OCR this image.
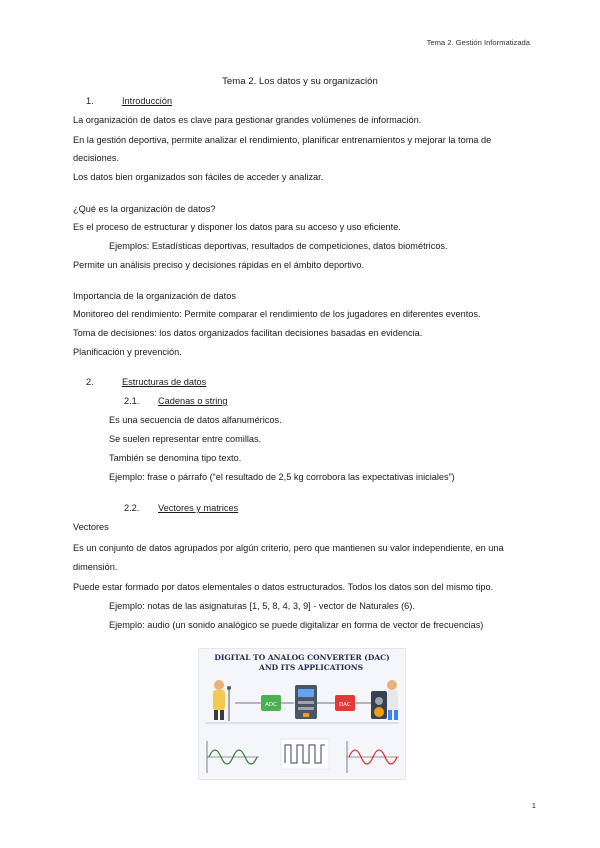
Tema 2. Gestión Informatizada
Tema 2. Los datos y su organización
1.	Introducción
La organización de datos es clave para gestionar grandes volúmenes de información.
En la gestión deportiva, permite analizar el rendimiento, planificar entrenamientos y mejorar la toma de
decisiones.
Los datos bien organizados son fáciles de acceder y analizar.
¿Qué es la organización de datos?
Es el proceso de estructurar y disponer los datos para su acceso y uso eficiente.
Ejemplos: Estadísticas deportivas, resultados de competiciones, datos biométricos.
Permite un análisis preciso y decisiones rápidas en el ámbito deportivo.
Importancia de la organización de datos
Monitoreo del rendimiento: Permite comparar el rendimiento de los jugadores en diferentes eventos.
Toma de decisiones: los datos organizados facilitan decisiones basadas en evidencia.
Planificación y prevención.
2.	Estructuras de datos
2.1. Cadenas o string
Es una secuencia de datos alfanuméricos.
Se suelen representar entre comillas.
También se denomina tipo texto.
Ejemplo: frase o párrafo (“el resultado de 2,5 kg corrobora las expectativas iniciales”)
2.2. Vectores y matrices
Vectores
Es un conjunto de datos agrupados por algún criterio, pero que mantienen su valor independiente, en una
dimensión.
Puede estar formado por datos elementales o datos estructurados. Todos los datos son del mismo tipo.
Ejemplo: notas de las asignaturas [1, 5, 8, 4, 3, 9] - vector de Naturales (6).
Ejemplo: audio (un sonido analógico se puede digitalizar en forma de vector de frecuencias)
DIGITAL TO ANALOG CONVERTER (DAC)
AND ITS APPLICATIONS
ADC	DAC
1
